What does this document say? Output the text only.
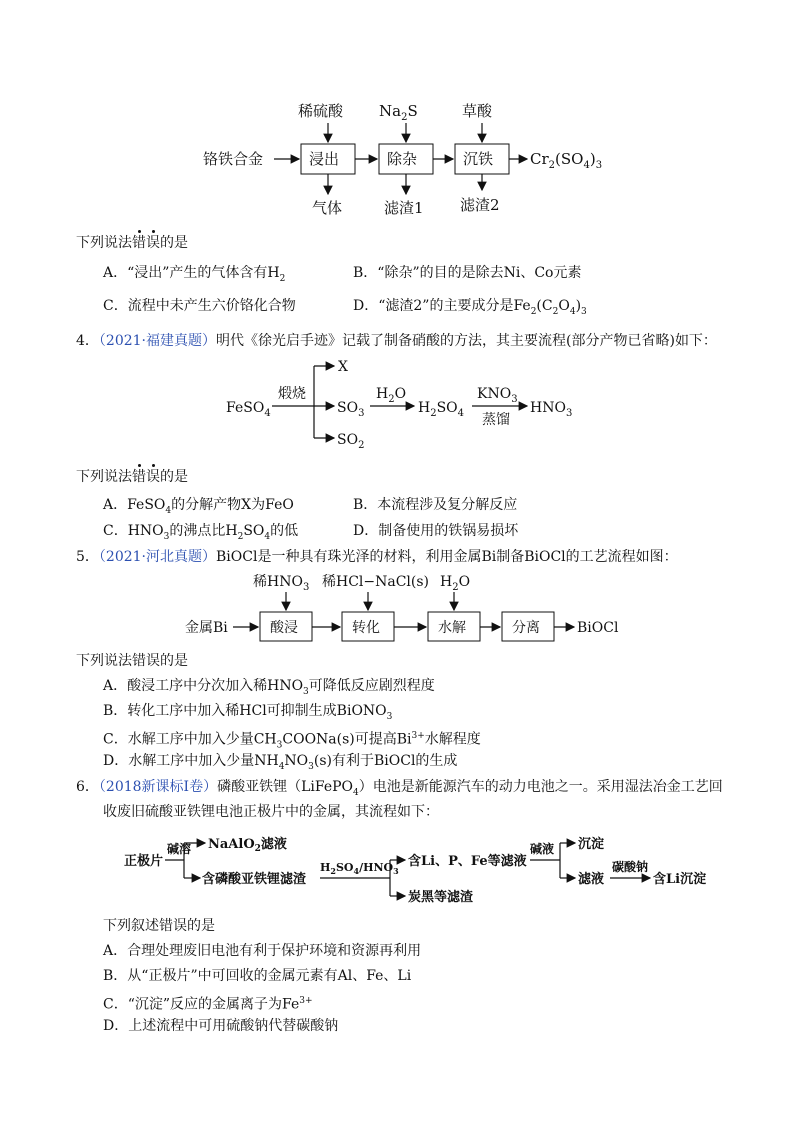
铬铁合金	浸出	除杂	沉铁 $Cr_2(SO_4)_3$
稀硫酸 $Na_2S$	草酸
气体	滤渣1 滤渣2
FeSO$_4$
煅烧
X
$SO_3$
$SO_2$
$H_2O$
$H_2SO_4$
$KNO_3$
蒸馏
$HNO_3$
金属Bi	酸浸	转化	水解	分离	BiOCl
稀$HNO_3$ 稀HCl−NaCl(s) $H_2O$
正极片
碱溶 NaAlO$_2$滤液
含磷酸亚铁锂滤渣
$H_2SO_4/HNO_3$
含Li、P、Fe等滤液
炭黑等滤渣
碱液 沉淀
滤液
碳酸钠
含Li沉淀
下列说法错
误
的是
A．“浸出”产生的气体含有$H_2$	B．“除杂”的目的是除去Ni、Co元素
C．流程中未产生六价铬化合物	D．“滤渣2”的主要成分是$Fe_2(C_2O_4)_3$
4．（2021·福建真题）明代《徐光启手迹》记载了制备硝酸的方法，其主要流程(部分产物已省略)如下：
下列说法错
误
的是
A．FeSO$_4$的分解产物X为FeO	B．本流程涉及复分解反应
C．$HNO_3$的沸点比$H_2SO_4$的低	D．制备使用的铁锅易损坏
5．（2021·河北真题）BiOCl是一种具有珠光泽的材料，利用金属Bi制备BiOCl的工艺流程如图：
下列说法错误的是
A．酸浸工序中分次加入稀$HNO_3$可降低反应剧烈程度
B．转化工序中加入稀HCl可抑制生成BiONO$_3$
C．水解工序中加入少量$CH_3COONa(s)$可提高$Bi^{3+}$水解程度
D．水解工序中加入少量$NH_4NO_3(s)$有利于BiOCl的生成
6．（2018新课标Ⅰ卷）磷酸亚铁锂（LiFePO$_4$）电池是新能源汽车的动力电池之一。采用湿法冶金工艺回
收废旧硫酸亚铁锂电池正极片中的金属，其流程如下：
下列叙述错误的是
A．合理处理废旧电池有利于保护环境和资源再利用
B．从“正极片”中可回收的金属元素有Al、Fe、Li
C．“沉淀”反应的金属离子为$Fe^{3+}$
D．上述流程中可用硫酸钠代替碳酸钠
